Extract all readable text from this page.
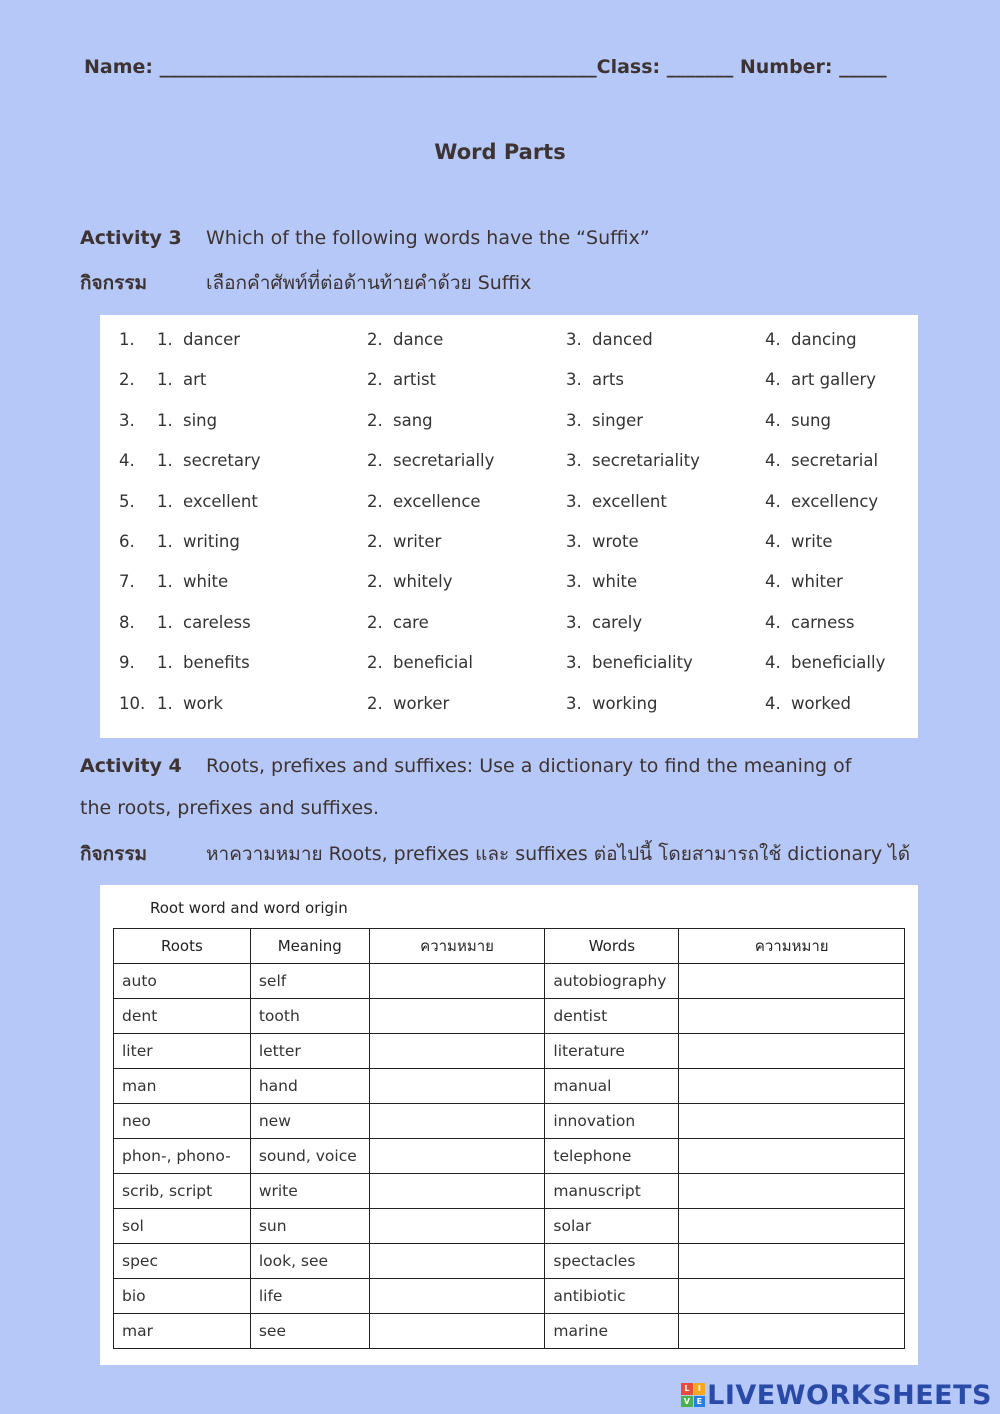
Name: ______________________________________________Class: _______ Number: _____
Word Parts
Activity 3 Which of the following words have the “Suffix”
กิจกรรม	เลือกคำศัพท์ที่ต่อด้านท้ายคำด้วย Suffix
1. 1. dancer	2. dance	3. danced	4. dancing
2. 1. art	2. artist	3. arts	4. art gallery
3. 1. sing	2. sang	3. singer	4. sung
4. 1. secretary	2. secretarially	3. secretariality	4. secretarial
5. 1. excellent	2. excellence	3. excellent	4. excellency
6. 1. writing	2. writer	3. wrote	4. write
7. 1. white	2. whitely	3. white	4. whiter
8. 1. careless	2. care	3. carely	4. carness
9. 1. benefits	2. beneficial	3. beneficiality	4. beneficially
10. 1. work	2. worker	3. working	4. worked
Activity 4 Roots, prefixes and suffixes: Use a dictionary to find the meaning of
the roots, prefixes and suffixes.
กิจกรรม	หาความหมาย Roots, prefixes และ suffixes ต่อไปนี้ โดยสามารถใช้ dictionary ได้
Root word and word origin
Roots	Meaning	ความหมาย	Words	ความหมาย
auto	self		autobiography	
dent	tooth		dentist	
liter	letter		literature	
man	hand		manual	
neo	new		innovation	
phon-, phono-	sound, voice		telephone	
scrib, script	write		manuscript	
sol	sun		solar	
spec	look, see		spectacles	
bio	life		antibiotic	
mar	see		marine	
L	I
V E LIVEWORKSHEETS
